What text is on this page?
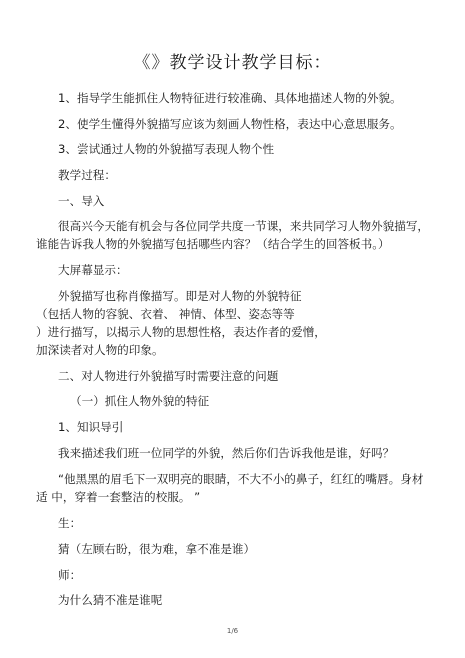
《》教学设计教学目标：

1、指导学生能抓住人物特征进行较准确、具体地描述人物的外貌。

2、使学生懂得外貌描写应该为刻画人物性格，表达中心意思服务。

3、尝试通过人物的外貌描写表现人物个性

教学过程：

一、导入

很高兴今天能有机会与各位同学共度一节课，来共同学习人物外貌描写，

谁能告诉我人物的外貌描写包括哪些内容？（结合学生的回答板书。）

大屏幕显示：

外貌描写也称肖像描写。即是对人物的外貌特征

（包括人物的容貌、衣着、 神情、体型、姿态等等

）进行描写，以揭示人物的思想性格，表达作者的爱憎，

加深读者对人物的印象。

二、对人物进行外貌描写时需要注意的问题

（一）抓住人物外貌的特征

1、知识导引

我来描述我们班一位同学的外貌，然后你们告诉我他是谁，好吗？

“他黑黑的眉毛下一双明亮的眼睛，不大不小的鼻子，红红的嘴唇。身材

适 中，穿着一套整洁的校服。 ”

生：

猜（左顾右盼，很为难，拿不准是谁）

师：

为什么猜不准是谁呢

1/6
